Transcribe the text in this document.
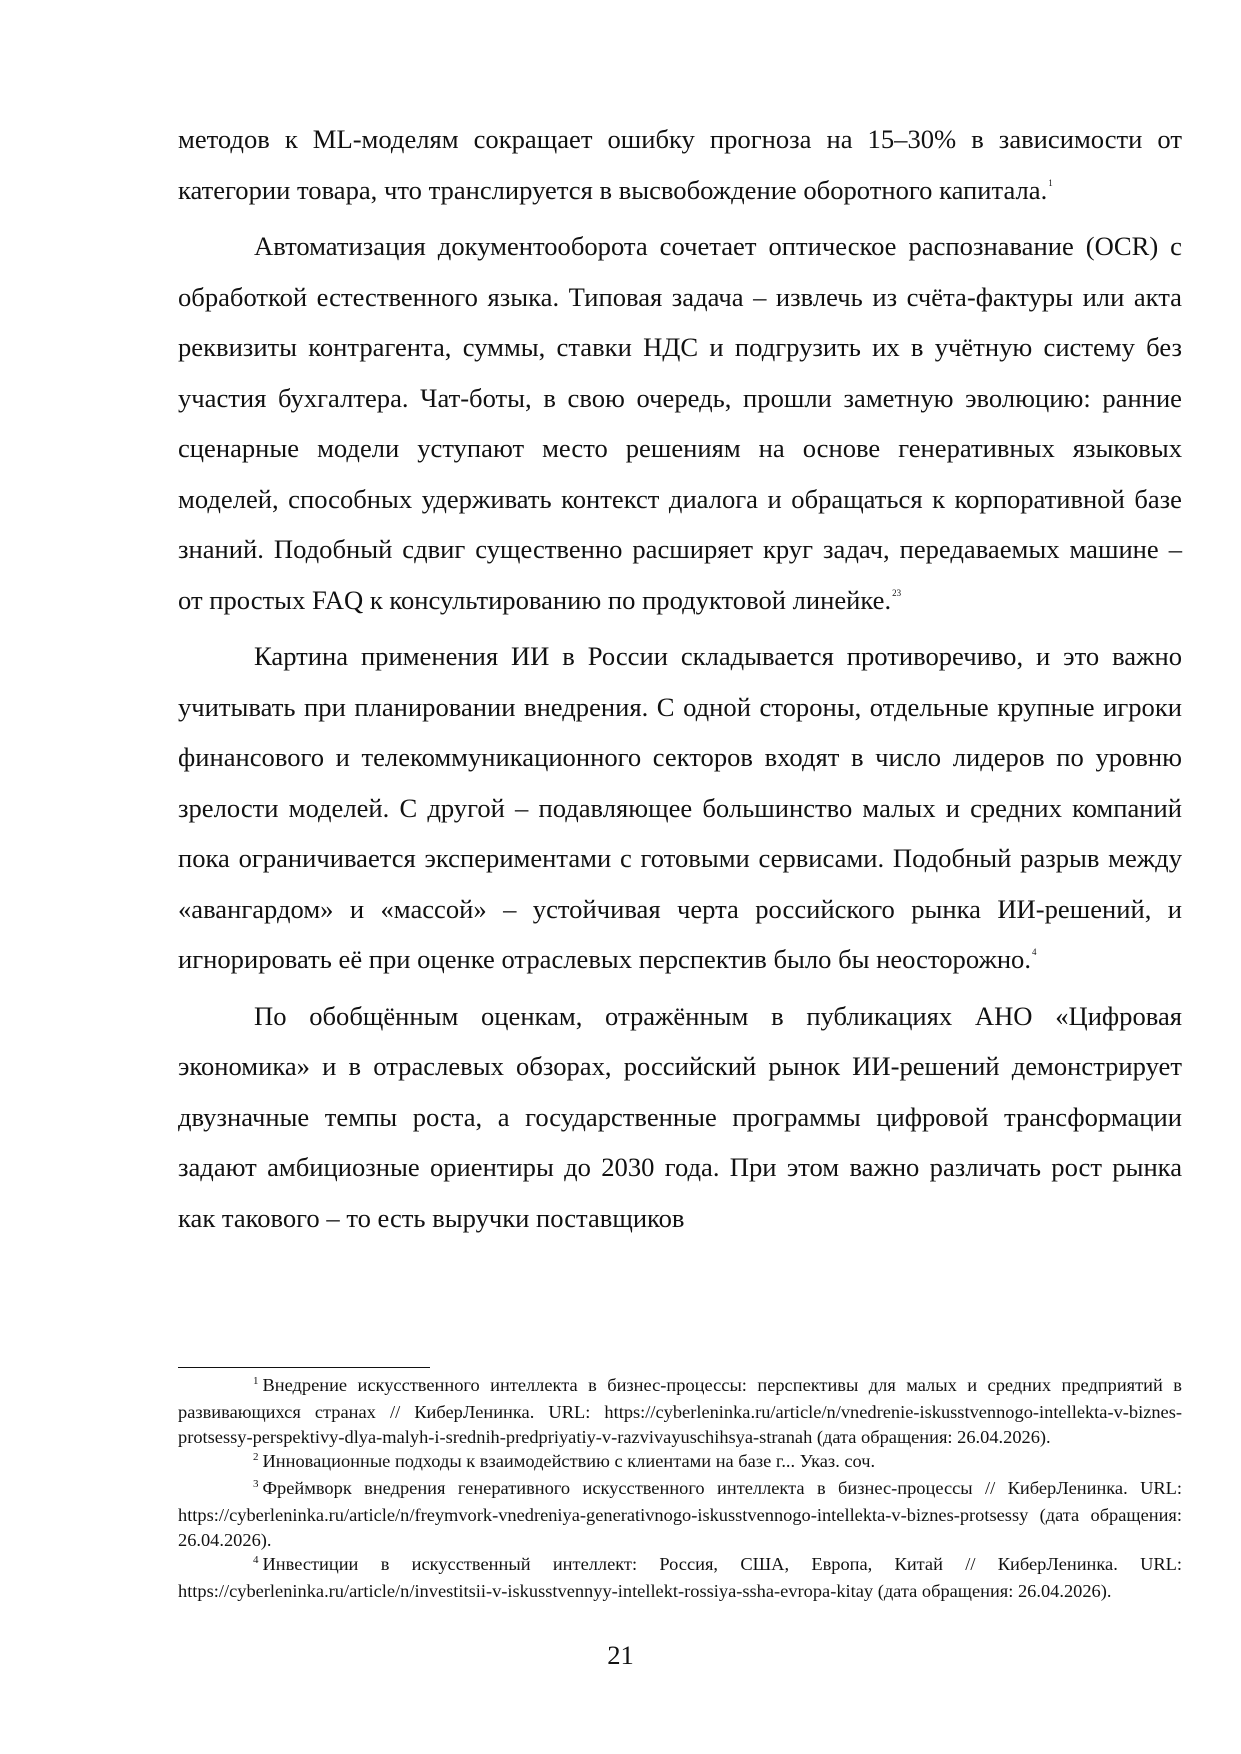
методов к ML-моделям сокращает ошибку прогноза на 15–30% в зависимости от категории товара, что транслируется в высвобождение оборотного капитала.$^1$

Автоматизация документооборота сочетает оптическое распознавание (OCR) с обработкой естественного языка. Типовая задача – извлечь из счёта-фактуры или акта реквизиты контрагента, суммы, ставки НДС и подгрузить их в учётную систему без участия бухгалтера. Чат-боты, в свою очередь, прошли заметную эволюцию: ранние сценарные модели уступают место решениям на основе генеративных языковых моделей, способных удерживать контекст диалога и обращаться к корпоративной базе знаний. Подобный сдвиг существенно расширяет круг задач, передаваемых машине – от простых FAQ к консультированию по продуктовой линейке.$^{23}$

Картина применения ИИ в России складывается противоречиво, и это важно учитывать при планировании внедрения. С одной стороны, отдельные крупные игроки финансового и телекоммуникационного секторов входят в число лидеров по уровню зрелости моделей. С другой – подавляющее большинство малых и средних компаний пока ограничивается экспериментами с готовыми сервисами. Подобный разрыв между «авангардом» и «массой» – устойчивая черта российского рынка ИИ-решений, и игнорировать её при оценке отраслевых перспектив было бы неосторожно.$^4$

По обобщённым оценкам, отражённым в публикациях АНО «Цифровая экономика» и в отраслевых обзорах, российский рынок ИИ-решений демонстрирует двузначные темпы роста, а государственные программы цифровой трансформации задают амбициозные ориентиры до 2030 года. При этом важно различать рост рынка как такового – то есть выручки поставщиков

$^1$ Внедрение искусственного интеллекта в бизнес-процессы: перспективы для малых и средних предприятий в развивающихся странах // КиберЛенинка. URL: https://cyberleninka.ru/article/n/vnedrenie-iskusstvennogo-intellekta-v-biznes-protsessy-perspektivy-dlya-malyh-i-srednih-predpriyatiy-v-razvivayuschihsya-stranah (дата обращения: 26.04.2026).

$^2$ Инновационные подходы к взаимодействию с клиентами на базе г... Указ. соч.

$^3$ Фреймворк внедрения генеративного искусственного интеллекта в бизнес-процессы // КиберЛенинка. URL: https://cyberleninka.ru/article/n/freymvork-vnedreniya-generativnogo-iskusstvennogo-intellekta-v-biznes-protsessy (дата обращения: 26.04.2026).

$^4$ Инвестиции в искусственный интеллект: Россия, США, Европа, Китай // КиберЛенинка. URL: https://cyberleninka.ru/article/n/investitsii-v-iskusstvennyy-intellekt-rossiya-ssha-evropa-kitay (дата обращения: 26.04.2026).

21
